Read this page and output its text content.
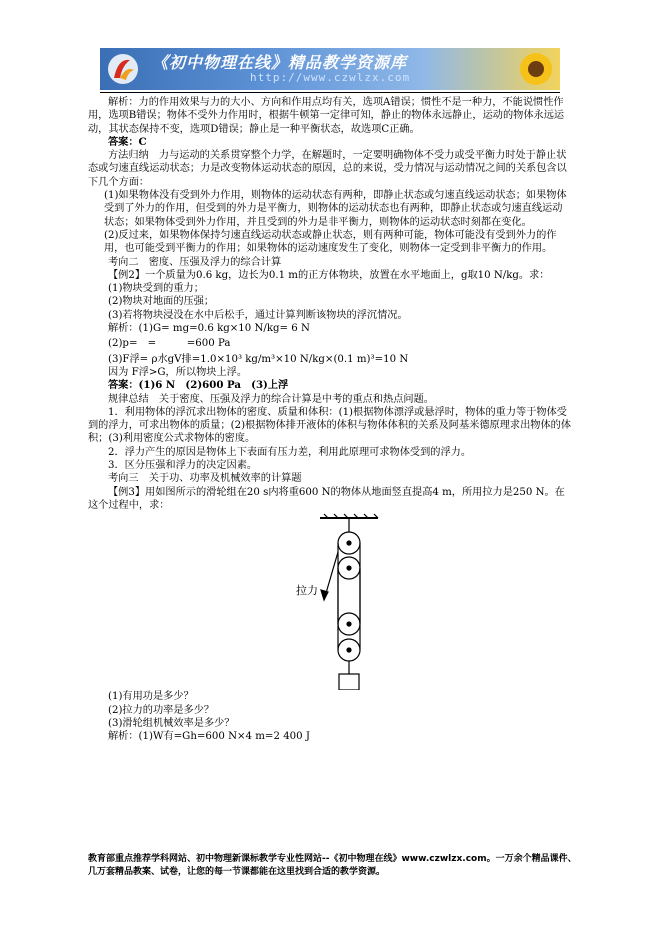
《初中物理在线》精品教学资源库
http://www.czwlzx.com

解析：力的作用效果与力的大小、方向和作用点均有关，选项A错误；惯性不是一种力，不能说惯性作用，选项B错误；物体不受外力作用时，根据牛顿第一定律可知，静止的物体永远静止，运动的物体永远运动，其状态保持不变，选项D错误；静止是一种平衡状态，故选项C正确。

答案：C

方法归纳　力与运动的关系贯穿整个力学，在解题时，一定要明确物体不受力或受平衡力时处于静止状态或匀速直线运动状态；力是改变物体运动状态的原因，总的来说，受力情况与运动情况之间的关系包含以下几个方面：

(1)如果物体没有受到外力作用，则物体的运动状态有两种，即静止状态或匀速直线运动状态；如果物体受到了外力的作用，但受到的外力是平衡力，则物体的运动状态也有两种，即静止状态或匀速直线运动状态；如果物体受到外力作用，并且受到的外力是非平衡力，则物体的运动状态时刻都在变化。

(2)反过来，如果物体保持匀速直线运动状态或静止状态，则有两种可能，物体可能没有受到外力的作用，也可能受到平衡力的作用；如果物体的运动速度发生了变化，则物体一定受到非平衡力的作用。

考向二　密度、压强及浮力的综合计算

【例2】一个质量为0.6 kg，边长为0.1 m的正方体物块，放置在水平地面上，g取10 N/kg。求：

(1)物块受到的重力；

(2)物块对地面的压强；

(3)若将物块浸没在水中后松手，通过计算判断该物块的浮沉情况。

解析：(1)G= mg=0.6 kg×10 N/kg= 6 N

(2)p=　=　　　=600 Pa

(3)F浮= ρ水gV排=1.0×10³ kg/m³×10 N/kg×(0.1 m)³=10 N

因为 F浮>G，所以物块上浮。

答案：(1)6 N　(2)600 Pa　(3)上浮

规律总结　关于密度、压强及浮力的综合计算是中考的重点和热点问题。

1．利用物体的浮沉求出物体的密度、质量和体积：(1)根据物体漂浮或悬浮时，物体的重力等于物体受到的浮力，可求出物体的质量；(2)根据物体排开液体的体积与物体体积的关系及阿基米德原理求出物体的体积；(3)利用密度公式求物体的密度。

2．浮力产生的原因是物体上下表面有压力差，利用此原理可求物体受到的浮力。

3．区分压强和浮力的决定因素。

考向三　关于功、功率及机械效率的计算题

【例3】用如图所示的滑轮组在20 s内将重600 N的物体从地面竖直提高4 m，所用拉力是250 N。在这个过程中，求：

拉力

(1)有用功是多少？

(2)拉力的功率是多少？

(3)滑轮组机械效率是多少？

解析：(1)W有=Gh=600 N×4 m=2 400 J

教育部重点推荐学科网站、初中物理新课标教学专业性网站--《初中物理在线》www.czwlzx.com。一万余个精品课件、几万套精品教案、试卷，让您的每一节课都能在这里找到合适的教学资源。
